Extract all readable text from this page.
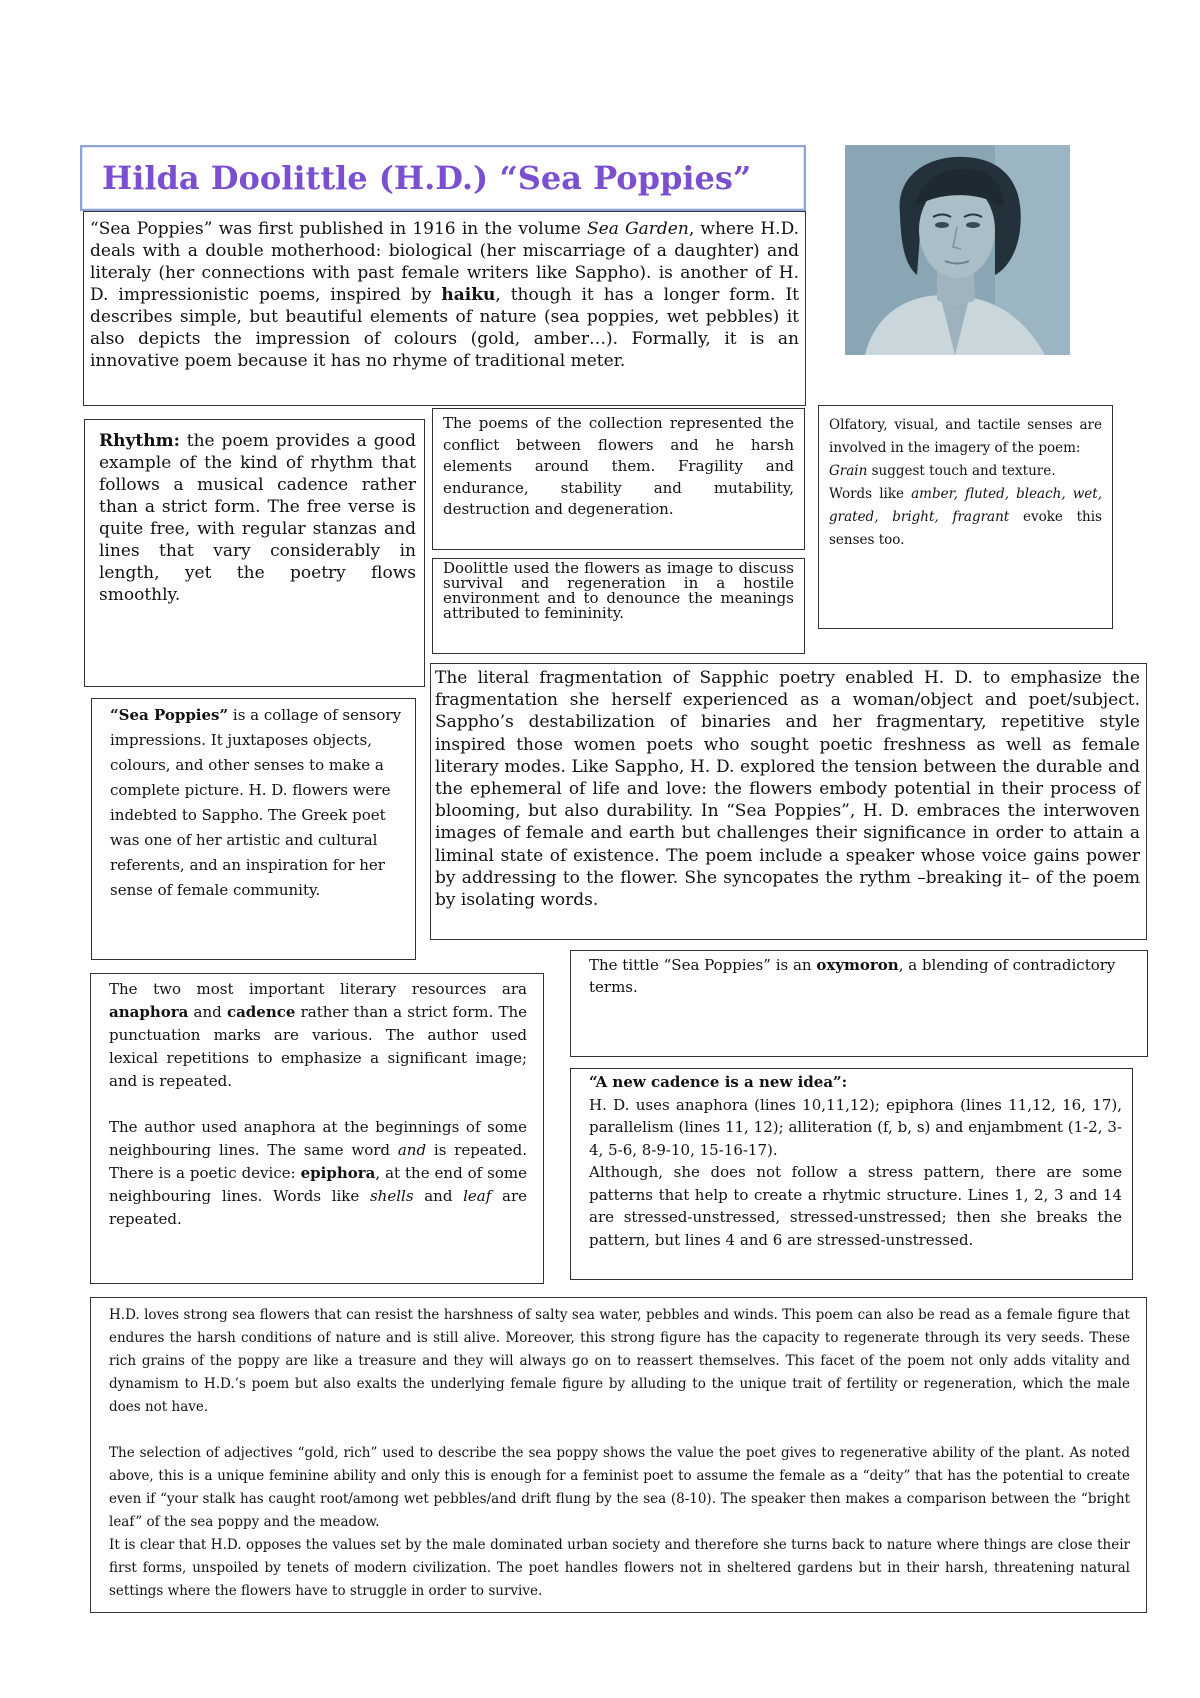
Hilda Doolittle (H.D.) “Sea Poppies”

“Sea Poppies” was first published in 1916 in the volume Sea Garden, where H.D. deals with a double motherhood: biological (her miscarriage of a daughter) and literaly (her connections with past female writers like Sappho). is another of H. D. impressionistic poems, inspired by haiku, though it has a longer form. It describes simple, but beautiful elements of nature (sea poppies, wet pebbles) it also depicts the impression of colours (gold, amber…). Formally, it is an innovative poem because it has no rhyme of traditional meter.

Rhythm: the poem provides a good example of the kind of rhythm that follows a musical cadence rather than a strict form. The free verse is quite free, with regular stanzas and lines that vary considerably in length, yet the poetry flows smoothly.

The poems of the collection represented the conflict between flowers and he harsh elements around them. Fragility and endurance, stability and mutability, destruction and degeneration.

Doolittle used the flowers as image to discuss survival and regeneration in a hostile environment and to denounce the meanings attributed to femininity.

Olfatory, visual, and tactile senses are involved in the imagery of the poem:
Grain suggest touch and texture.
Words like amber, fluted, bleach, wet, grated, bright, fragrant evoke this senses too.

“Sea Poppies” is a collage of sensory impressions. It juxtaposes objects, colours, and other senses to make a complete picture. H. D. flowers were indebted to Sappho. The Greek poet was one of her artistic and cultural referents, and an inspiration for her sense of female community.

The literal fragmentation of Sapphic poetry enabled H. D. to emphasize the fragmentation she herself experienced as a woman/object and poet/subject. Sappho’s destabilization of binaries and her fragmentary, repetitive style inspired those women poets who sought poetic freshness as well as female literary modes. Like Sappho, H. D. explored the tension between the durable and the ephemeral of life and love: the flowers embody potential in their process of blooming, but also durability. In “Sea Poppies”, H. D. embraces the interwoven images of female and earth but challenges their significance in order to attain a liminal state of existence. The poem include a speaker whose voice gains power by addressing to the flower. She syncopates the rythm –breaking it– of the poem by isolating words.

The two most important literary resources ara anaphora and cadence rather than a strict form. The punctuation marks are various. The author used lexical repetitions to emphasize a significant image; and is repeated.

The author used anaphora at the beginnings of some neighbouring lines. The same word and is repeated. There is a poetic device: epiphora, at the end of some neighbouring lines. Words like shells and leaf are repeated.

The tittle “Sea Poppies” is an oxymoron, a blending of contradictory terms.

“A new cadence is a new idea”:

H. D. uses anaphora (lines 10,11,12); epiphora (lines 11,12, 16, 17), parallelism (lines 11, 12); alliteration (f, b, s) and enjambment (1-2, 3-4, 5-6, 8-9-10, 15-16-17).

Although, she does not follow a stress pattern, there are some patterns that help to create a rhytmic structure. Lines 1, 2, 3 and 14 are stressed-unstressed, stressed-unstressed; then she breaks the pattern, but lines 4 and 6 are stressed-unstressed.

H.D. loves strong sea flowers that can resist the harshness of salty sea water, pebbles and winds. This poem can also be read as a female figure that endures the harsh conditions of nature and is still alive. Moreover, this strong figure has the capacity to regenerate through its very seeds. These rich grains of the poppy are like a treasure and they will always go on to reassert themselves. This facet of the poem not only adds vitality and dynamism to H.D.’s poem but also exalts the underlying female figure by alluding to the unique trait of fertility or regeneration, which the male does not have.

The selection of adjectives “gold, rich” used to describe the sea poppy shows the value the poet gives to regenerative ability of the plant. As noted above, this is a unique feminine ability and only this is enough for a feminist poet to assume the female as a “deity” that has the potential to create even if “your stalk has caught root/among wet pebbles/and drift flung by the sea (8-10). The speaker then makes a comparison between the “bright leaf” of the sea poppy and the meadow.

It is clear that H.D. opposes the values set by the male dominated urban society and therefore she turns back to nature where things are close their first forms, unspoiled by tenets of modern civilization. The poet handles flowers not in sheltered gardens but in their harsh, threatening natural settings where the flowers have to struggle in order to survive.
